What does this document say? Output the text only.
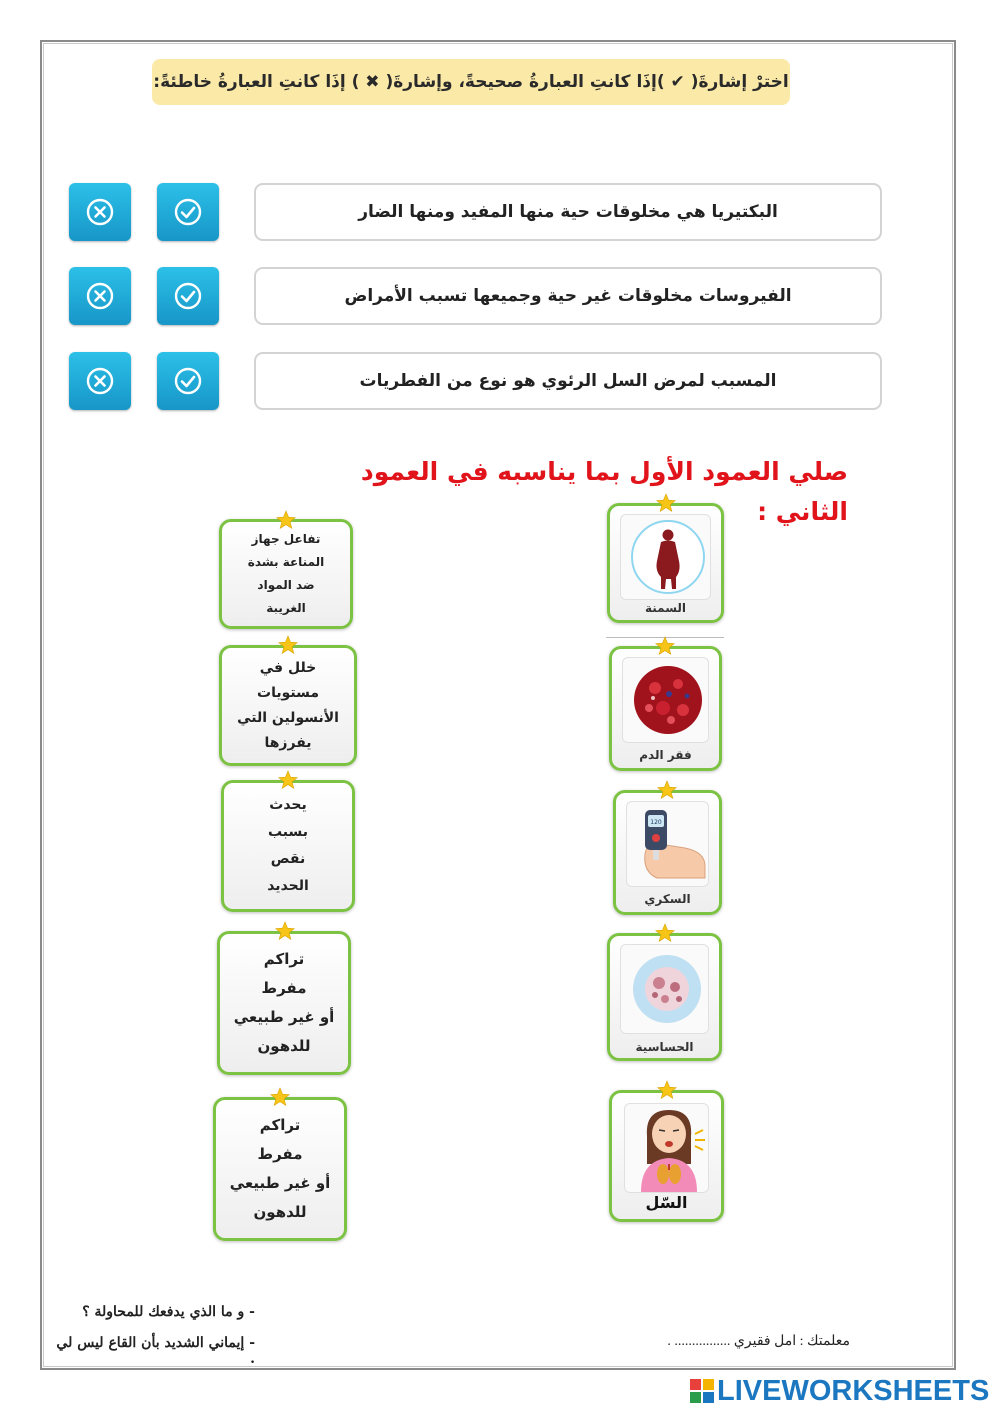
اخترْ إشارةَ( ✔ )إذَا كانتِ العبارةُ صحيحةً، وإشارةَ( ✖ ) إذَا كانتِ العبارةُ خاطئةً:
البكتيريا هي مخلوقات حية منها المفيد ومنها الضار
الفيروسات مخلوقات غير حية وجميعها تسبب الأمراض
المسبب لمرض السل الرئوي هو نوع من الفطريات
صلي العمود الأول بما يناسبه في العمود الثاني :
تفاعل جهاز
المناعة بشدة
ضد المواد
الغريبة
خلل في
مستويات
الأنسولين التي
يفرزها
يحدث
بسبب
نقص
الحديد
تراكم
مفرط
أو غير طبيعي
للدهون
تراكم
مفرط
أو غير طبيعي
للدهون
السمنة
فقر الدم
120
السكري
الحساسية
السّل
- و ما الذي يدفعك للمحاولة ؟
- إيماني الشديد بأن القاع ليس لي .
معلمتك : امل فقيري ................ .
LIVEWORKSHEETS
